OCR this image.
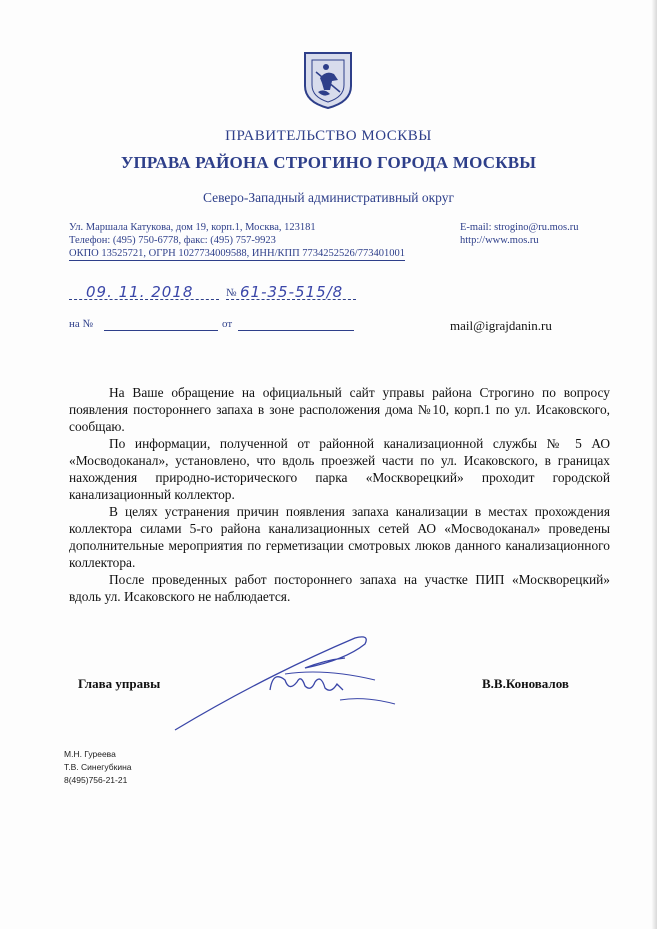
ПРАВИТЕЛЬСТВО МОСКВЫ
УПРАВА РАЙОНА СТРОГИНО ГОРОДА МОСКВЫ
Северо-Западный административный округ
Ул. Маршала Катукова, дом 19, корп.1, Москва, 123181
Телефон: (495) 750-6778, факс: (495) 757-9923
ОКПО 13525721, ОГРН 1027734009588, ИНН/КПП 7734252526/773401001
E-mail: strogino@ru.mos.ru
http://www.mos.ru
09. 11. 2018	№ 61-35-515/8
на №	от	mail@igrajdanin.ru

На Ваше обращение на официальный сайт управы района Строгино по вопросу появления постороннего запаха в зоне расположения дома №10, корп.1 по ул. Исаковского, сообщаю.

По информации, полученной от районной канализационной службы № 5 АО «Мосводоканал», установлено, что вдоль проезжей части по ул. Исаковского, в границах нахождения природно-исторического парка «Москворецкий» проходит городской канализационный коллектор.

В целях устранения причин появления запаха канализации в местах прохождения коллектора силами 5-го района канализационных сетей АО «Мосводоканал» проведены дополнительные мероприятия по герметизации смотровых люков данного канализационного коллектора.

После проведенных работ постороннего запаха на участке ПИП «Москворецкий» вдоль ул. Исаковского не наблюдается.

Глава управы	В.В.Коновалов
М.Н. Гуреева
Т.В. Синегубкина
8(495)756-21-21
